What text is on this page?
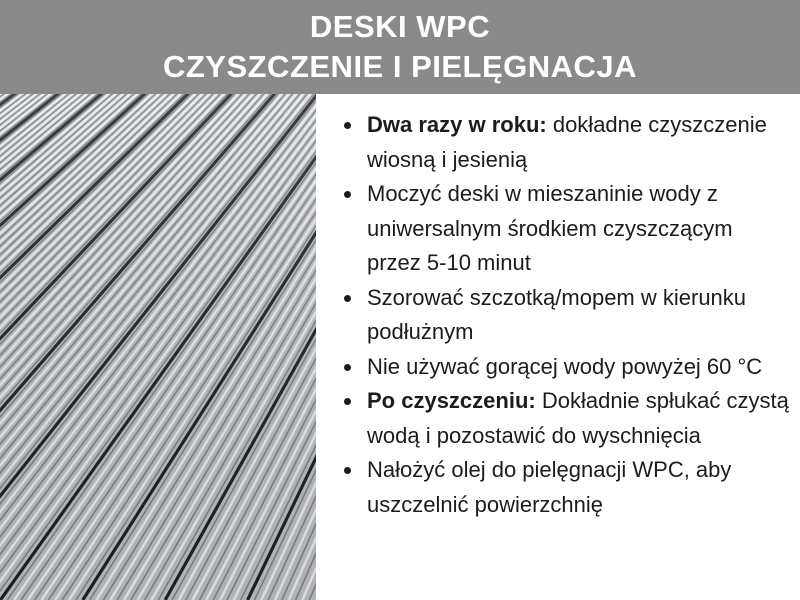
DESKI WPC
CZYSZCZENIE I PIELĘGNACJA
Dwa razy w roku: dokładne czyszczenie wiosną i jesienią
Moczyć deski w mieszaninie wody z uniwersalnym środkiem czyszczącym przez 5-10 minut
Szorować szczotką/mopem w kierunku podłużnym
Nie używać gorącej wody powyżej 60 °C
Po czyszczeniu: Dokładnie spłukać czystą wodą i pozostawić do wyschnięcia
Nałożyć olej do pielęgnacji WPC, aby uszczelnić powierzchnię
